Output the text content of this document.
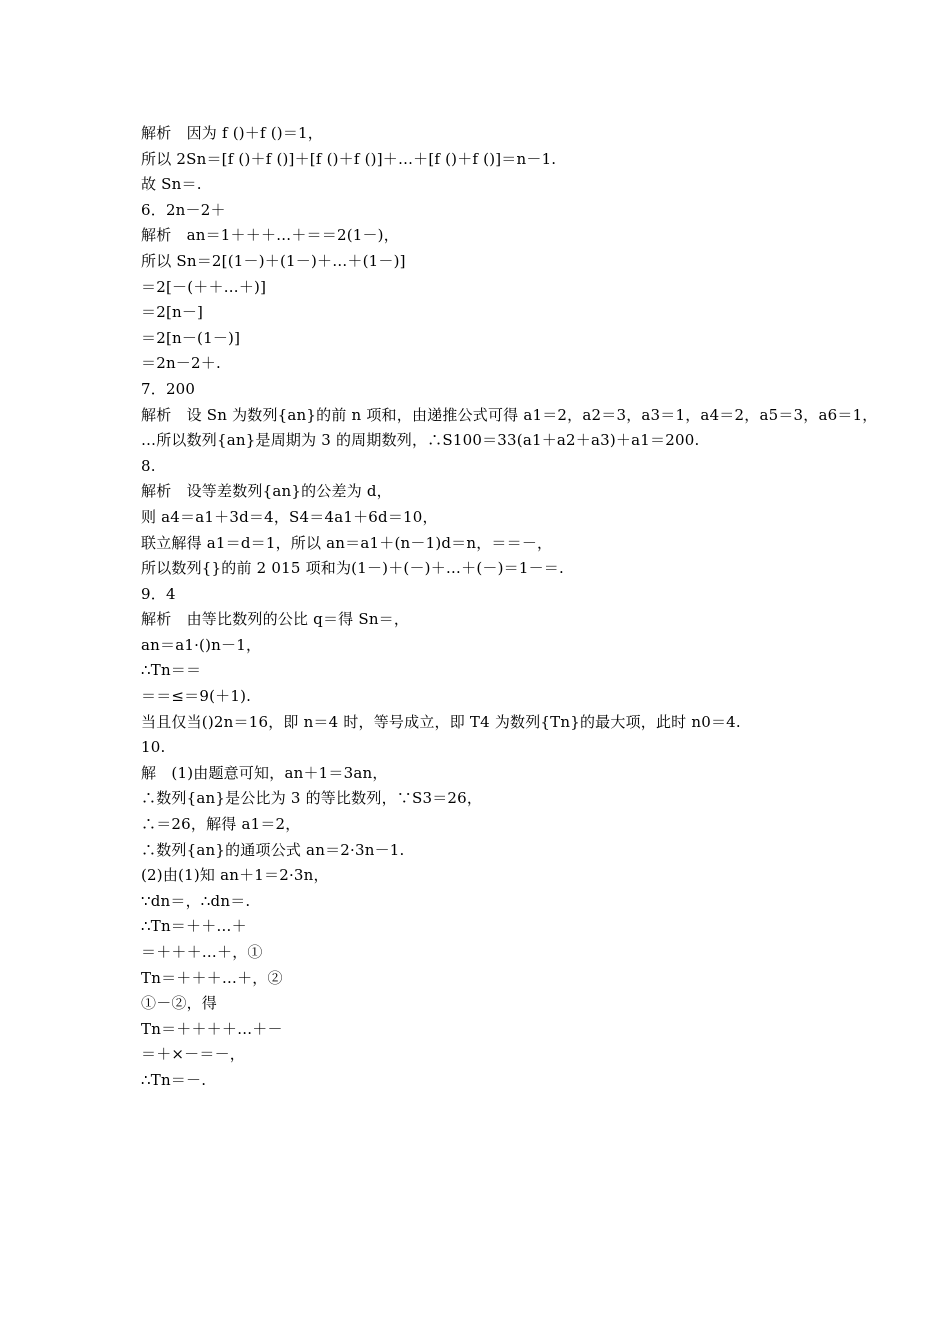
解析　因为 f ()＋f ()＝1，
所以 2Sn＝[f ()＋f ()]＋[f ()＋f ()]＋…＋[f ()＋f ()]＝n－1.
故 Sn＝.
6．2n－2＋
解析　an＝1＋＋＋…＋＝＝2(1－)，
所以 Sn＝2[(1－)＋(1－)＋…＋(1－)]
＝2[－(＋＋…＋)]
＝2[n－]
＝2[n－(1－)]
＝2n－2＋.
7．200
解析　设 Sn 为数列{an}的前 n 项和，由递推公式可得 a1＝2，a2＝3，a3＝1，a4＝2，a5＝3，a6＝1，
…所以数列{an}是周期为 3 的周期数列，∴S100＝33(a1＋a2＋a3)＋a1＝200.
8.
解析　设等差数列{an}的公差为 d，
则 a4＝a1＋3d＝4，S4＝4a1＋6d＝10，
联立解得 a1＝d＝1，所以 an＝a1＋(n－1)d＝n，＝＝－，
所以数列{}的前 2 015 项和为(1－)＋(－)＋…＋(－)＝1－＝.
9．4
解析　由等比数列的公比 q＝得 Sn＝，
an＝a1·()n－1，
∴Tn＝＝
＝＝≤＝9(＋1).
当且仅当()2n＝16，即 n＝4 时，等号成立，即 T4 为数列{Tn}的最大项，此时 n0＝4.
10.
解　(1)由题意可知，an＋1＝3an，
∴数列{an}是公比为 3 的等比数列，∵S3＝26，
∴＝26，解得 a1＝2，
∴数列{an}的通项公式 an＝2·3n－1.
(2)由(1)知 an＋1＝2·3n，
∵dn＝，∴dn＝.
∴Tn＝＋＋…＋
＝＋＋＋…＋，①
Tn＝＋＋＋…＋，②
①－②，得
Tn＝＋＋＋＋…＋－
＝＋×－＝－，
∴Tn＝－.
